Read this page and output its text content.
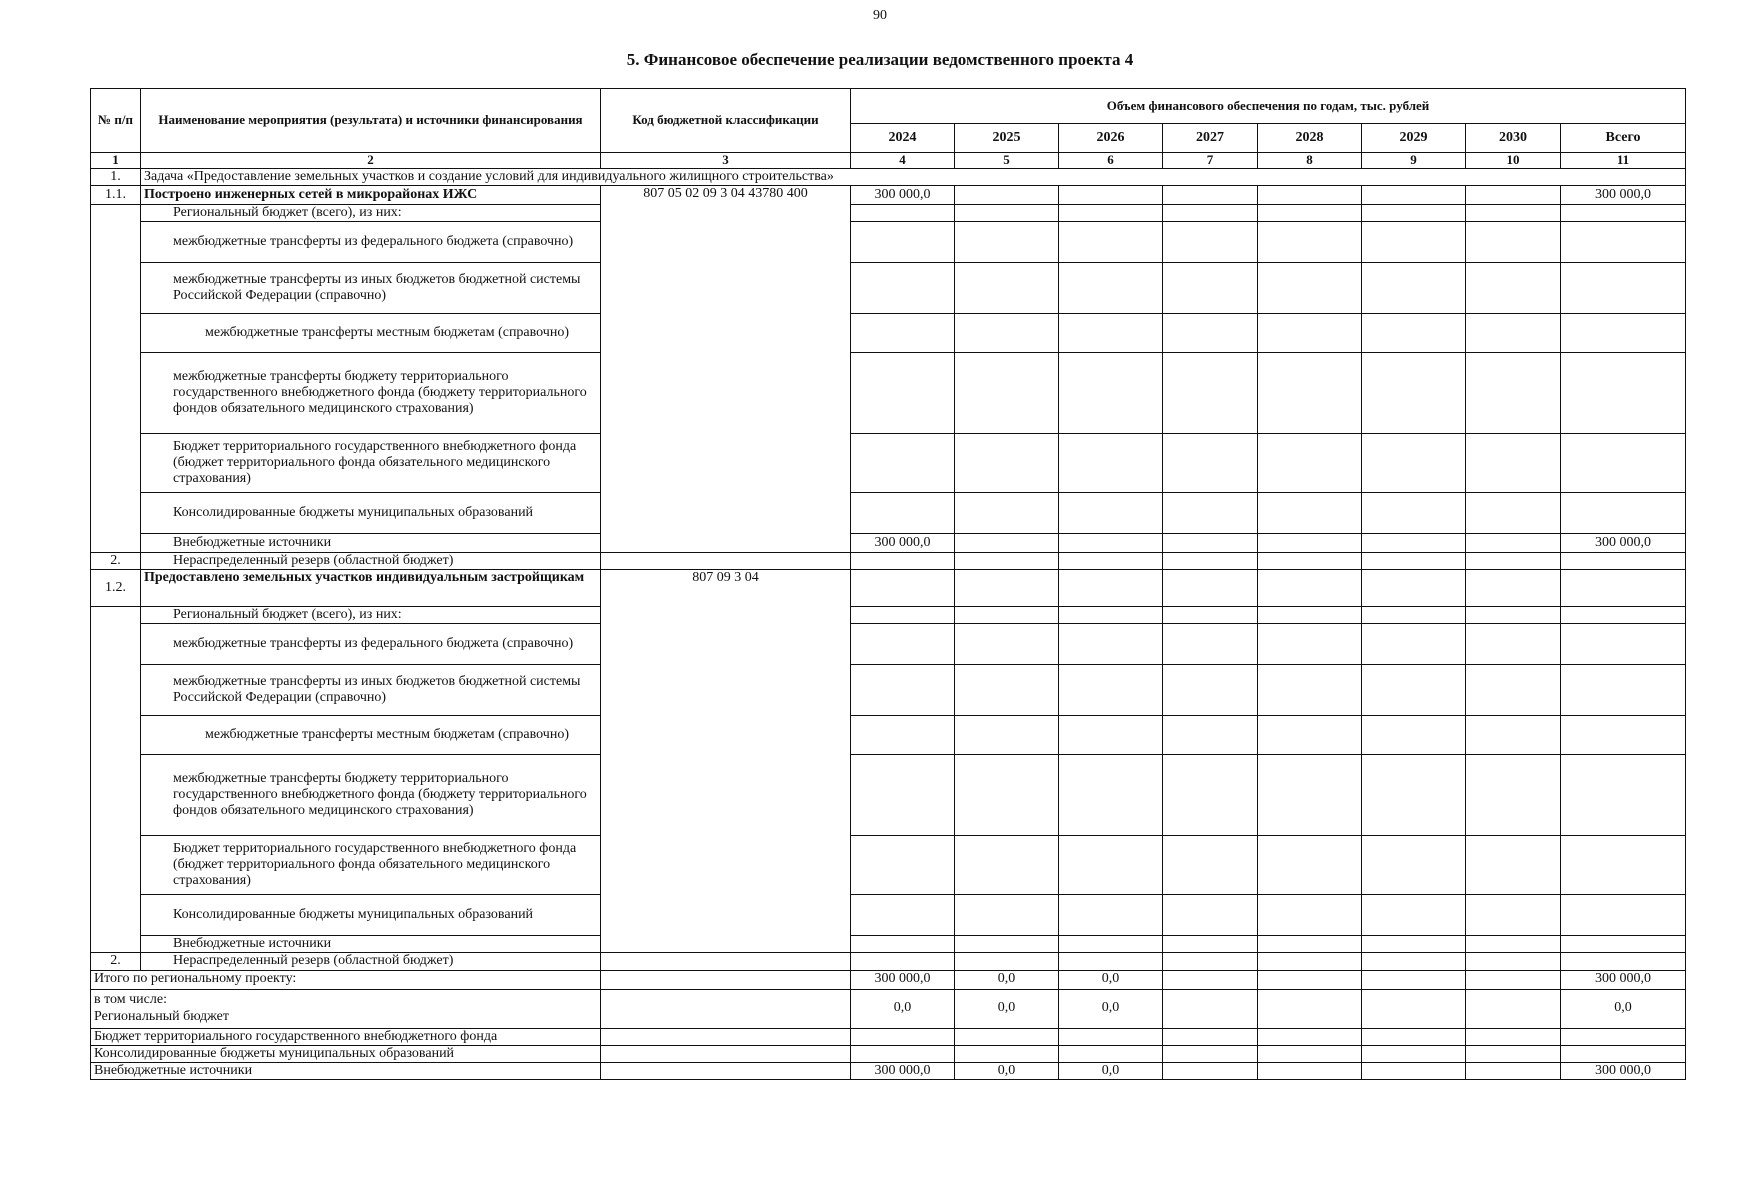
90
5. Финансовое обеспечение реализации ведомственного проекта 4
№ п/п	Наименование мероприятия (результата) и источники финансирования	Код бюджетной классификации	Объем финансового обеспечения по годам, тыс. рублей							
			2024	2025	2026	2027	2028	2029	2030	Всего
1	2	3	4	5	6	7	8	9	10	11
1.	Задача «Предоставление земельных участков и создание условий для индивидуального жилищного строительства»									
1.1.	Построено инженерных сетей в микрорайонах ИЖС	807 05 02 09 3 04 43780 400	300 000,0							300 000,0
	Региональный бюджет (всего), из них:									
	межбюджетные трансферты из федерального бюджета (справочно)									
	межбюджетные трансферты из иных бюджетов бюджетной системы Российской Федерации (справочно)									
	межбюджетные трансферты местным бюджетам (справочно)									
	межбюджетные трансферты бюджету территориального государственного внебюджетного фонда (бюджету территориального фондов обязательного медицинского страхования)									
	Бюджет территориального государственного внебюджетного фонда (бюджет территориального фонда обязательного медицинского страхования)									
	Консолидированные бюджеты муниципальных образований									
	Внебюджетные источники		300 000,0							300 000,0
2.	Нераспределенный резерв (областной бюджет)									
1.2.	Предоставлено земельных участков индивидуальным застройщикам	807 09 3 04								
	Региональный бюджет (всего), из них:									
	межбюджетные трансферты из федерального бюджета (справочно)									
	межбюджетные трансферты из иных бюджетов бюджетной системы Российской Федерации (справочно)									
	межбюджетные трансферты местным бюджетам (справочно)									
	межбюджетные трансферты бюджету территориального государственного внебюджетного фонда (бюджету территориального фондов обязательного медицинского страхования)									
	Бюджет территориального государственного внебюджетного фонда (бюджет территориального фонда обязательного медицинского страхования)									
	Консолидированные бюджеты муниципальных образований									
	Внебюджетные источники									
2.	Нераспределенный резерв (областной бюджет)									
Итого по региональному проекту:			300 000,0	0,0	0,0					300 000,0

в том числе:
Региональный бюджет			0,0	0,0	0,0					0,0
Бюджет территориального государственного внебюджетного фонда										
Консолидированные бюджеты муниципальных образований										
Внебюджетные источники			300 000,0	0,0	0,0					300 000,0
